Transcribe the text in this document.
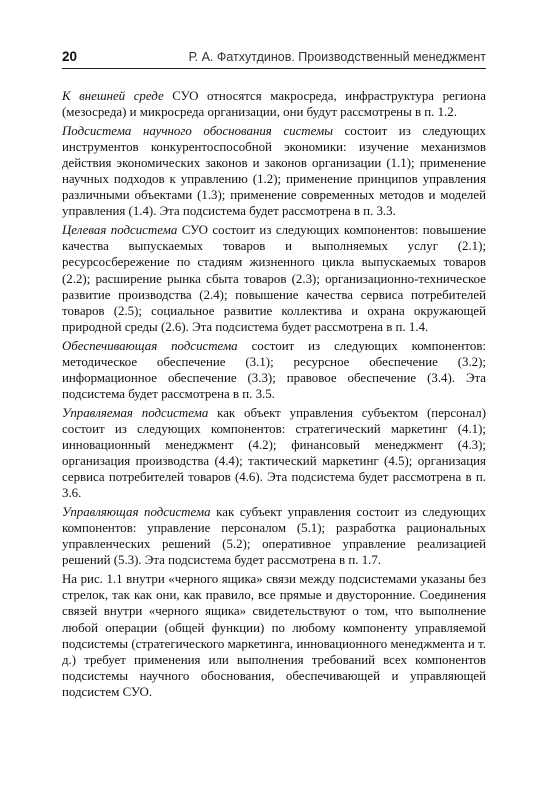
20	Р. А. Фатхутдинов. Производственный менеджмент

К внешней среде СУО относятся макросреда, инфраструктура региона (мезосреда) и микросреда организации, они будут рассмотрены в п. 1.2.

Подсистема научного обоснования системы состоит из следующих инструментов конкурентоспособной экономики: изучение механизмов действия экономических законов и законов организации (1.1); применение научных подходов к управлению (1.2); применение принципов управления различными объектами (1.3); применение современных методов и моделей управления (1.4). Эта подсистема будет рассмотрена в п. 3.3.

Целевая подсистема СУО состоит из следующих компонентов: повышение качества выпускаемых товаров и выполняемых услуг (2.1); ресурсосбережение по стадиям жизненного цикла выпускаемых товаров (2.2); расширение рынка сбыта товаров (2.3); организационно-техническое развитие производства (2.4); повышение качества сервиса потребителей товаров (2.5); социальное развитие коллектива и охрана окружающей природной среды (2.6). Эта подсистема будет рассмотрена в п. 1.4.

Обеспечивающая подсистема состоит из следующих компонентов: методическое обеспечение (3.1); ресурсное обеспечение (3.2); информационное обеспечение (3.3); правовое обеспечение (3.4). Эта подсистема будет рассмотрена в п. 3.5.

Управляемая подсистема как объект управления субъектом (персонал) состоит из следующих компонентов: стратегический маркетинг (4.1); инновационный менеджмент (4.2); финансовый менеджмент (4.3); организация производства (4.4); тактический маркетинг (4.5); организация сервиса потребителей товаров (4.6). Эта подсистема будет рассмотрена в п. 3.6.

Управляющая подсистема как субъект управления состоит из следующих компонентов: управление персоналом (5.1); разработка рациональных управленческих решений (5.2); оперативное управление реализацией решений (5.3). Эта подсистема будет рассмотрена в п. 1.7.

На рис. 1.1 внутри «черного ящика» связи между подсистемами указаны без стрелок, так как они, как правило, все прямые и двусторонние. Соединения связей внутри «черного ящика» свидетельствуют о том, что выполнение любой операции (общей функции) по любому компоненту управляемой подсистемы (стратегического маркетинга, инновационного менеджмента и т. д.) требует применения или выполнения требований всех компонентов подсистемы научного обоснования, обеспечивающей и управляющей подсистем СУО.
